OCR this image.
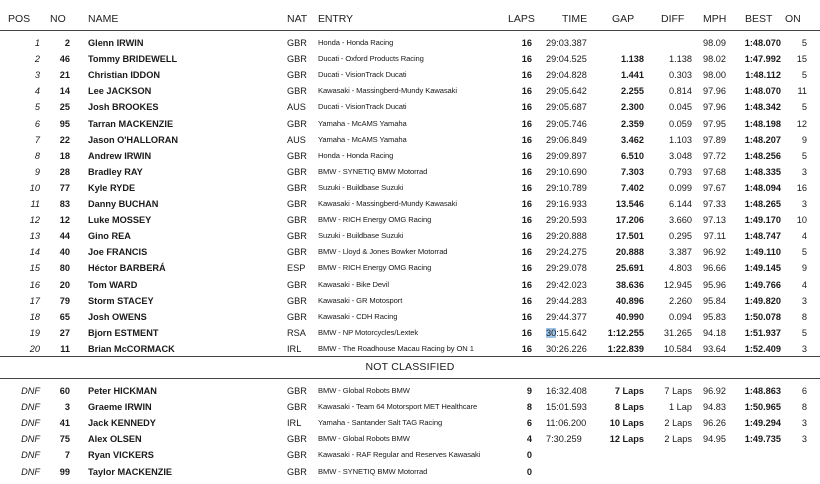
POS	NO	NAME	NAT	ENTRY	LAPS	TIME	GAP	DIFF	MPH	BEST	ON
1	2 Glenn IRWIN	GBR	Honda - Honda Racing	16 29:03.387	98.09	1:48.070	5
2	46 Tommy BRIDEWELL	GBR	Ducati - Oxford Products Racing	16 29:04.525	1.138	1.138	98.02	1:47.992	15
3	21 Christian IDDON	GBR	Ducati - VisionTrack Ducati	16 29:04.828	1.441	0.303	98.00	1:48.112	5
4	14 Lee JACKSON	GBR	Kawasaki - Massingberd-Mundy Kawasaki	16 29:05.642	2.255	0.814	97.96	1:48.070	11
5	25 Josh BROOKES	AUS	Ducati - VisionTrack Ducati	16 29:05.687	2.300	0.045	97.96	1:48.342	5
6	95 Tarran MACKENZIE	GBR	Yamaha - McAMS Yamaha	16 29:05.746	2.359	0.059	97.95	1:48.198	12
7	22 Jason O'HALLORAN	AUS	Yamaha - McAMS Yamaha	16 29:06.849	3.462	1.103	97.89	1:48.207	9
8	18 Andrew IRWIN	GBR	Honda - Honda Racing	16 29:09.897	6.510	3.048	97.72	1:48.256	5
9	28 Bradley RAY	GBR	BMW - SYNETIQ BMW Motorrad	16 29:10.690	7.303	0.793	97.68	1:48.335	3
10	77 Kyle RYDE	GBR	Suzuki - Buildbase Suzuki	16 29:10.789	7.402	0.099	97.67	1:48.094	16
11	83 Danny BUCHAN	GBR	Kawasaki - Massingberd-Mundy Kawasaki	16 29:16.933	13.546	6.144	97.33	1:48.265	3
12	12 Luke MOSSEY	GBR	BMW - RICH Energy OMG Racing	16 29:20.593	17.206	3.660	97.13	1:49.170	10
13	44 Gino REA	GBR	Suzuki - Buildbase Suzuki	16 29:20.888	17.501	0.295	97.11	1:48.747	4
14	40 Joe FRANCIS	GBR	BMW - Lloyd & Jones Bowker Motorrad	16 29:24.275	20.888	3.387	96.92	1:49.110	5
15	80 Héctor BARBERÁ	ESP	BMW - RICH Energy OMG Racing	16 29:29.078	25.691	4.803	96.66	1:49.145	9
16	20 Tom WARD	GBR	Kawasaki - Bike Devil	16 29:42.023	38.636	12.945	95.96	1:49.766	4
17	79 Storm STACEY	GBR	Kawasaki - GR Motosport	16 29:44.283	40.896	2.260	95.84	1:49.820	3
18	65 Josh OWENS	GBR	Kawasaki - CDH Racing	16 29:44.377	40.990	0.094	95.83	1:50.078	8
19	27 Bjorn ESTMENT	RSA	BMW - NP Motorcycles/Lextek	16 30:15.642	1:12.255	31.265	94.18	1:51.937	5
20	11 Brian McCORMACK	IRL	BMW - The Roadhouse Macau Racing by ON 1	16 30:26.226	1:22.839	10.584	93.64	1:52.409	3
NOT CLASSIFIED
DNF	60 Peter HICKMAN	GBR	BMW - Global Robots BMW	9 16:32.408	7 Laps	7 Laps	96.92	1:48.863	6
DNF	3 Graeme IRWIN	GBR	Kawasaki - Team 64 Motorsport MET Healthcare	8 15:01.593	8 Laps	1 Lap	94.83	1:50.965	8
DNF	41 Jack KENNEDY	IRL	Yamaha - Santander Salt TAG Racing	6 11:06.200	10 Laps	2 Laps	96.26	1:49.294	3
DNF	75 Alex OLSEN	GBR	BMW - Global Robots BMW	4 7:30.259	12 Laps	2 Laps	94.95	1:49.735	3
DNF	7 Ryan VICKERS	GBR	Kawasaki - RAF Regular and Reserves Kawasaki	0
DNF	99 Taylor MACKENZIE	GBR	BMW - SYNETIQ BMW Motorrad	0
